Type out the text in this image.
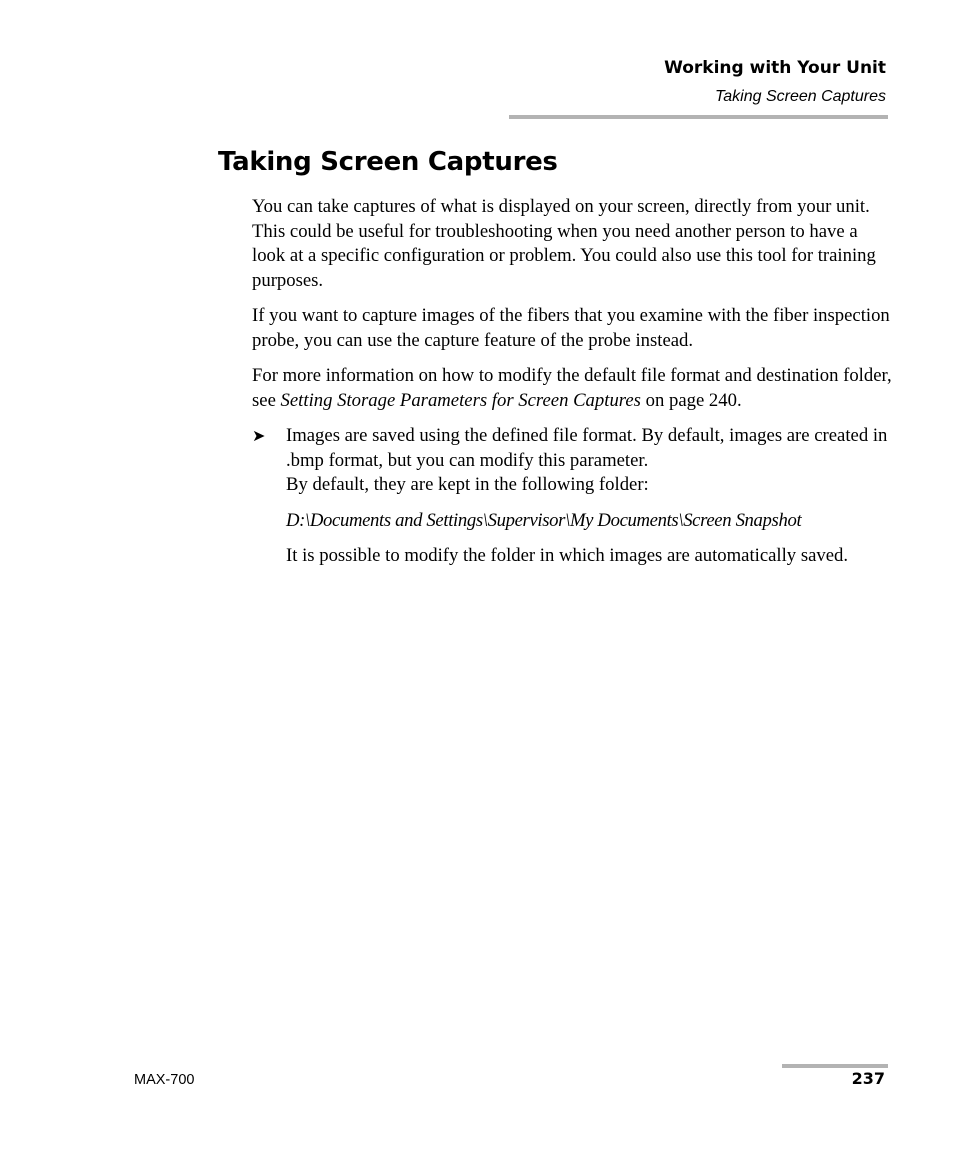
Working with Your Unit
Taking Screen Captures
Taking Screen Captures

You can take captures of what is displayed on your screen, directly from your unit. This could be useful for troubleshooting when you need another person to have a look at a specific configuration or problem. You could also use this tool for training purposes.

If you want to capture images of the fibers that you examine with the fiber inspection probe, you can use the capture feature of the probe instead.

For more information on how to modify the default file format and destination folder, see Setting Storage Parameters for Screen Captures on page 240.

➤	Images are saved using the defined file format. By default, images are created in .bmp format, but you can modify this parameter.

By default, they are kept in the following folder:

D:\Documents and Settings\Supervisor\My Documents\Screen Snapshot

It is possible to modify the folder in which images are automatically saved.

MAX-700	237
